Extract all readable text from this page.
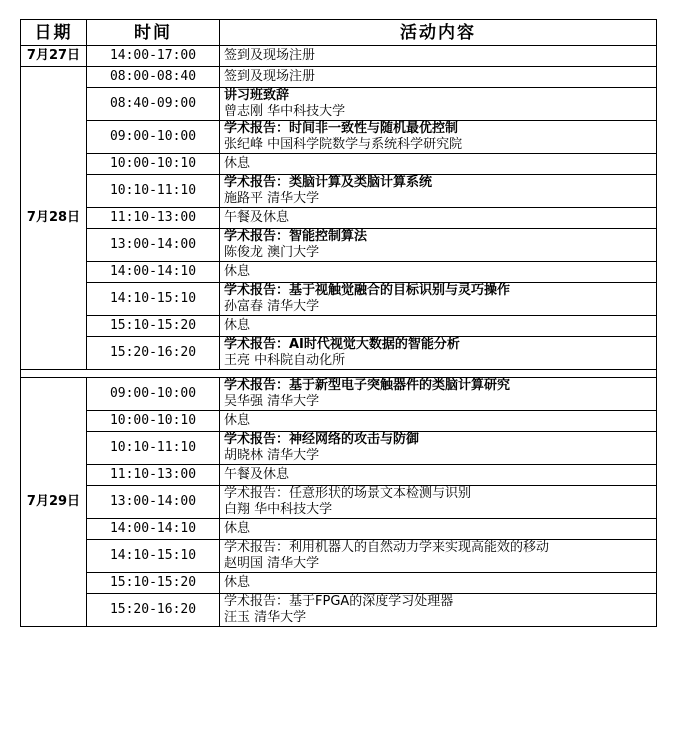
日期	时间	活动内容
7月27日	14:00-17:00	签到及现场注册

7月28日	08:00-08:40	签到及现场注册

	08:40-09:00	讲习班致辞
曾志刚 华中科技大学

	09:00-10:00	学术报告：时间非一致性与随机最优控制
张纪峰 中国科学院数学与系统科学研究院

	10:00-10:10	休息

	10:10-11:10	学术报告：类脑计算及类脑计算系统
施路平 清华大学

	11:10-13:00	午餐及休息

	13:00-14:00	学术报告：智能控制算法
陈俊龙 澳门大学

	14:00-14:10	休息

	14:10-15:10	学术报告：基于视触觉融合的目标识别与灵巧操作
孙富春 清华大学

	15:10-15:20	休息

	15:20-16:20	学术报告：AI时代视觉大数据的智能分析
王亮 中科院自动化所

7月29日	09:00-10:00	学术报告：基于新型电子突触器件的类脑计算研究
吴华强 清华大学

	10:00-10:10	休息

	10:10-11:10	学术报告：神经网络的攻击与防御
胡晓林 清华大学

	11:10-13:00	午餐及休息

	13:00-14:00	学术报告：任意形状的场景文本检测与识别
白翔 华中科技大学

	14:00-14:10	休息

	14:10-15:10	学术报告：利用机器人的自然动力学来实现高能效的移动
赵明国 清华大学

	15:10-15:20	休息

	15:20-16:20	学术报告：基于FPGA的深度学习处理器
汪玉 清华大学
